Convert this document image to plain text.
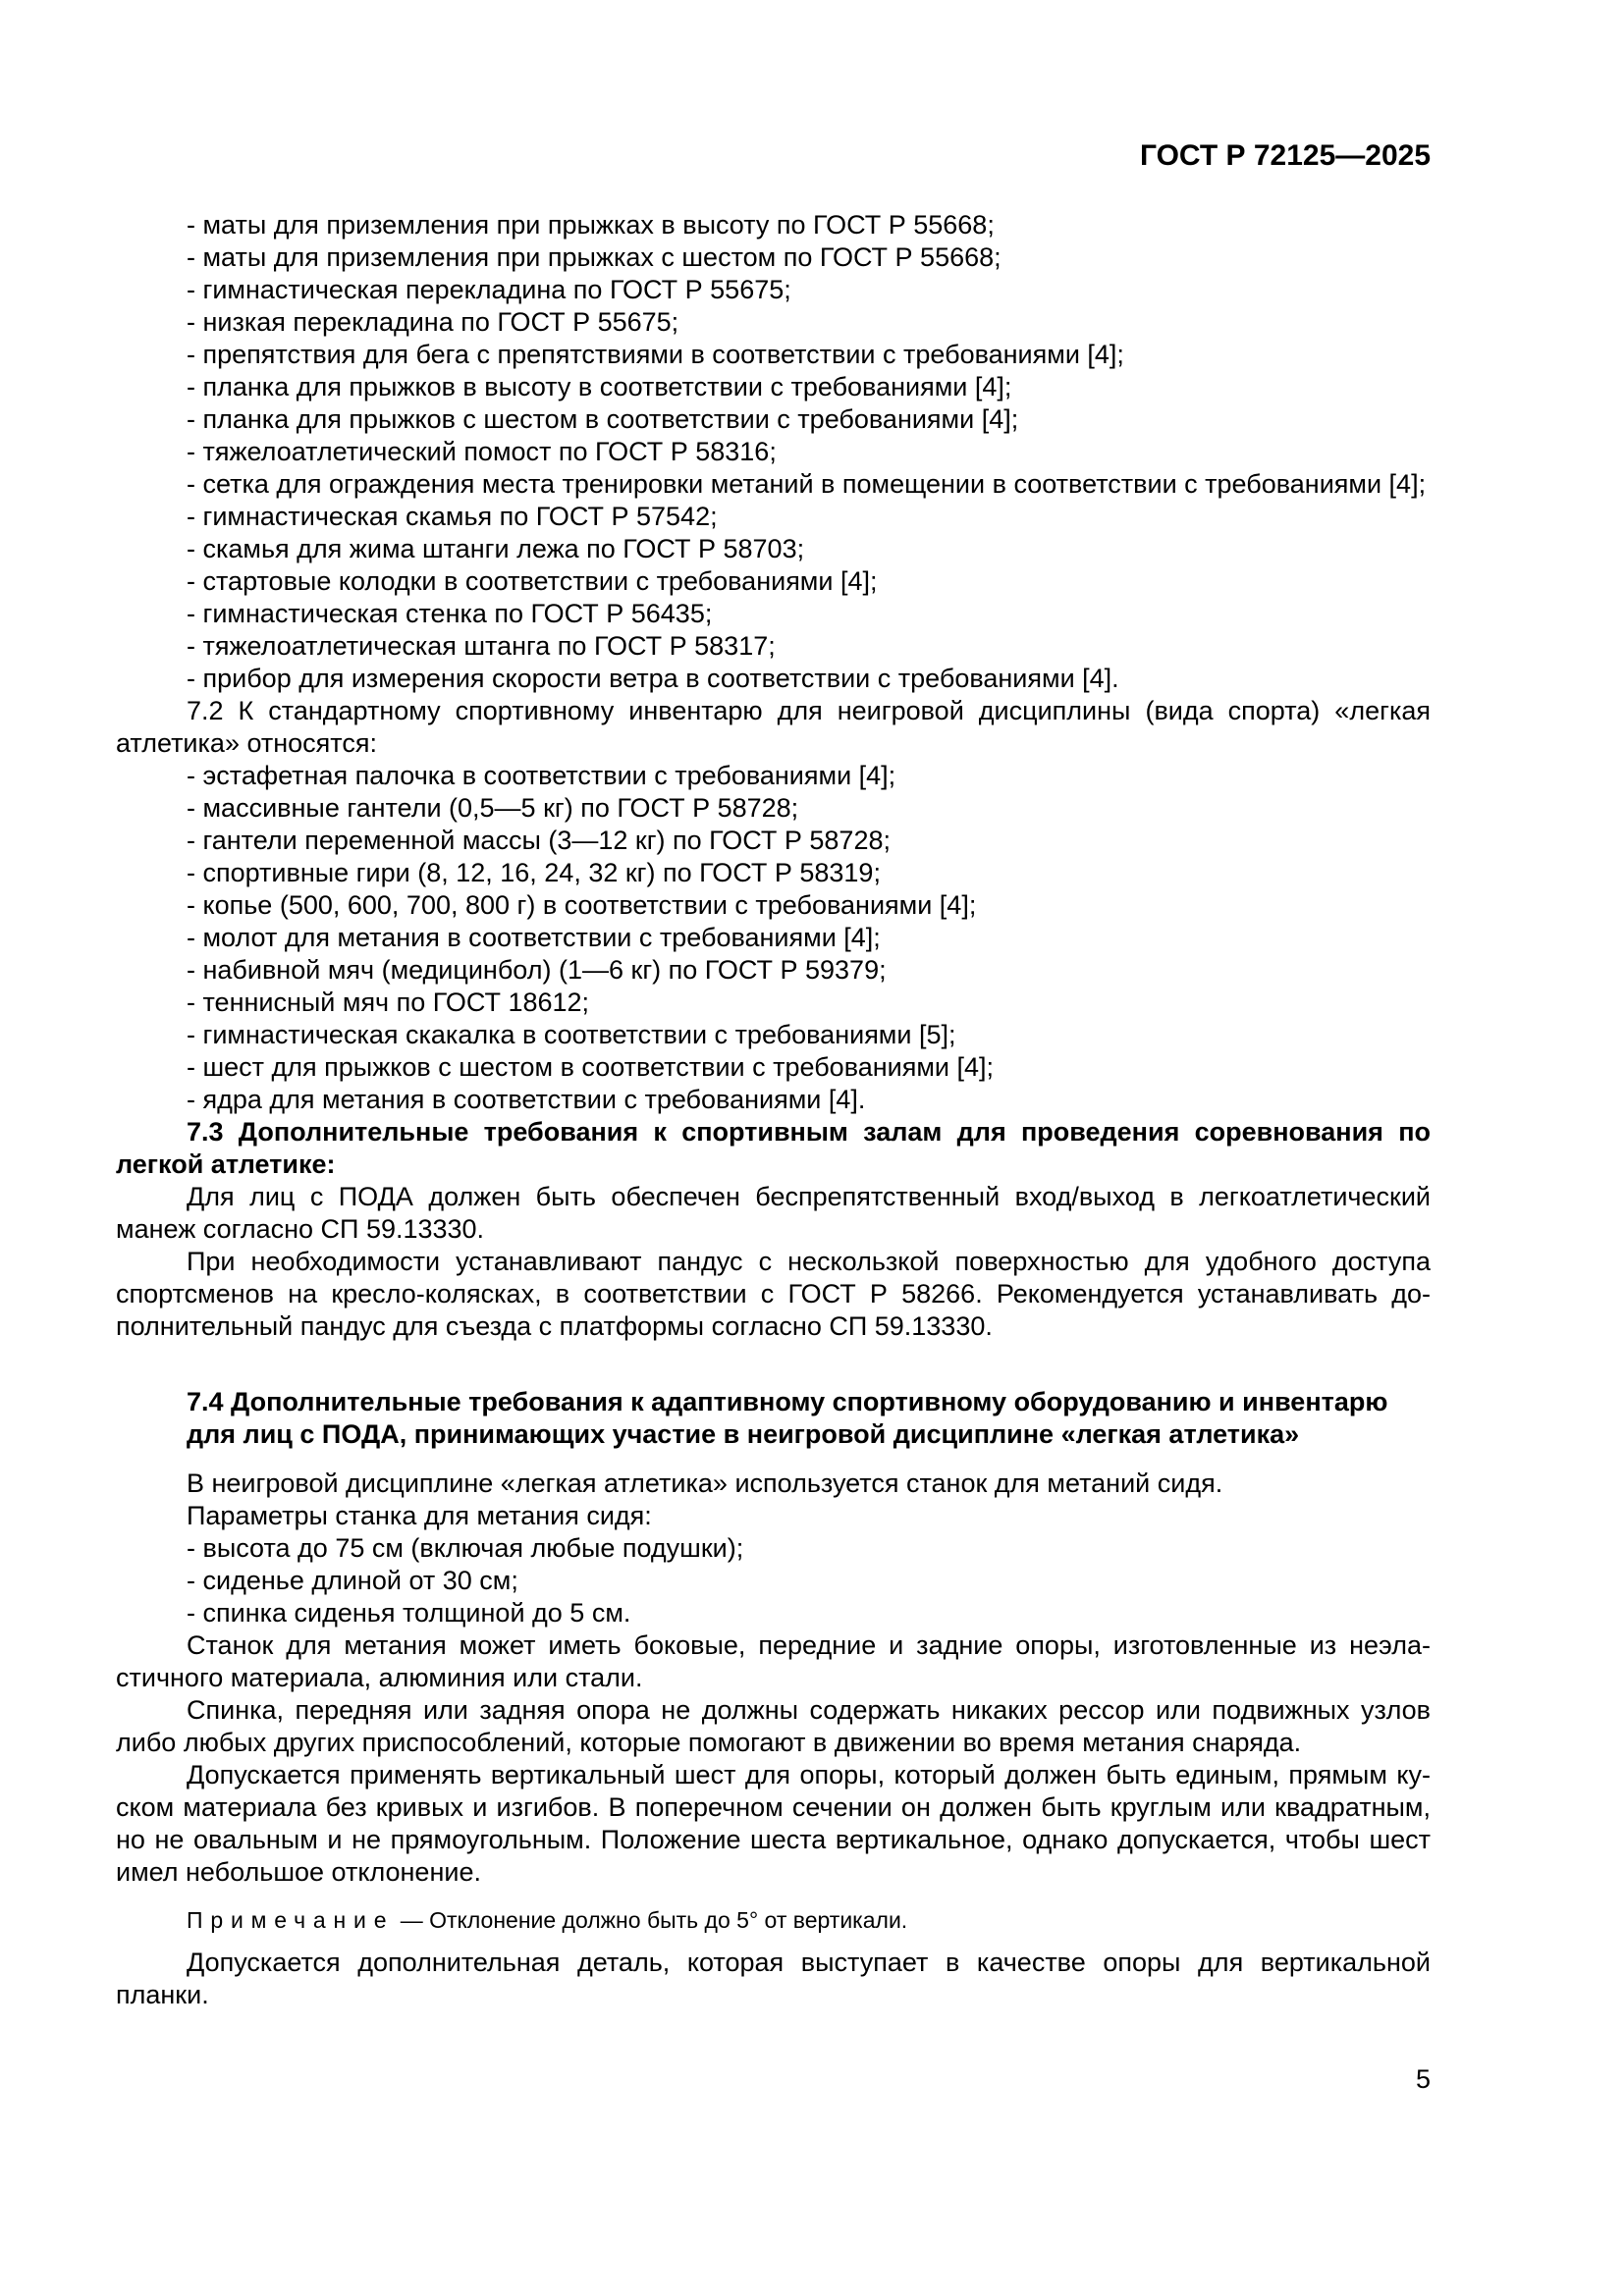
ГОСТ Р 72125—2025

- маты для приземления при прыжках в высоту по ГОСТ Р 55668;

- маты для приземления при прыжках с шестом по ГОСТ Р 55668;

- гимнастическая перекладина по ГОСТ Р 55675;

- низкая перекладина по ГОСТ Р 55675;

- препятствия для бега с препятствиями в соответствии с требованиями [4];

- планка для прыжков в высоту в соответствии с требованиями [4];

- планка для прыжков с шестом в соответствии с требованиями [4];

- тяжелоатлетический помост по ГОСТ Р 58316;

- сетка для ограждения места тренировки метаний в помещении в соответствии с требованиями [4];

- гимнастическая скамья по ГОСТ Р 57542;

- скамья для жима штанги лежа по ГОСТ Р 58703;

- стартовые колодки в соответствии с требованиями [4];

- гимнастическая стенка по ГОСТ Р 56435;

- тяжелоатлетическая штанга по ГОСТ Р 58317;

- прибор для измерения скорости ветра в соответствии с требованиями [4].

7.2 К стандартному спортивному инвентарю для неигровой дисциплины (вида спорта) «легкая атлетика» относятся:

- эстафетная палочка в соответствии с требованиями [4];

- массивные гантели (0,5—5 кг) по ГОСТ Р 58728;

- гантели переменной массы (3—12 кг) по ГОСТ Р 58728;

- спортивные гири (8, 12, 16, 24, 32 кг) по ГОСТ Р 58319;

- копье (500, 600, 700, 800 г) в соответствии с требованиями [4];

- молот для метания в соответствии с требованиями [4];

- набивной мяч (медицинбол) (1—6 кг) по ГОСТ Р 59379;

- теннисный мяч по ГОСТ 18612;

- гимнастическая скакалка в соответствии с требованиями [5];

- шест для прыжков с шестом в соответствии с требованиями [4];

- ядра для метания в соответствии с требованиями [4].

7.3 Дополнительные требования к спортивным залам для проведения соревнования по легкой атлетике:

Для лиц с ПОДА должен быть обеспечен беспрепятственный вход/выход в легкоатлетический манеж согласно СП 59.13330.

При необходимости устанавливают пандус с нескользкой поверхностью для удобного доступа спортсменов на кресло-колясках, в соответствии с ГОСТ Р 58266. Рекомендуется устанавливать дополнительный пандус для съезда с платформы согласно СП 59.13330.

7.4 Дополнительные требования к адаптивному спортивному оборудованию и инвентарю для лиц с ПОДА, принимающих участие в неигровой дисциплине «легкая атлетика»

В неигровой дисциплине «легкая атлетика» используется станок для метаний сидя.

Параметры станка для метания сидя:

- высота до 75 см (включая любые подушки);

- сиденье длиной от 30 см;

- спинка сиденья толщиной до 5 см.

Станок для метания может иметь боковые, передние и задние опоры, изготовленные из неэластичного материала, алюминия или стали.

Спинка, передняя или задняя опора не должны содержать никаких рессор или подвижных узлов либо любых других приспособлений, которые помогают в движении во время метания снаряда.

Допускается применять вертикальный шест для опоры, который должен быть единым, прямым куском материала без кривых и изгибов. В поперечном сечении он должен быть круглым или квадратным, но не овальным и не прямоугольным. Положение шеста вертикальное, однако допускается, чтобы шест имел небольшое отклонение.

Примечание — Отклонение должно быть до 5° от вертикали.

Допускается дополнительная деталь, которая выступает в качестве опоры для вертикальной планки.

5
